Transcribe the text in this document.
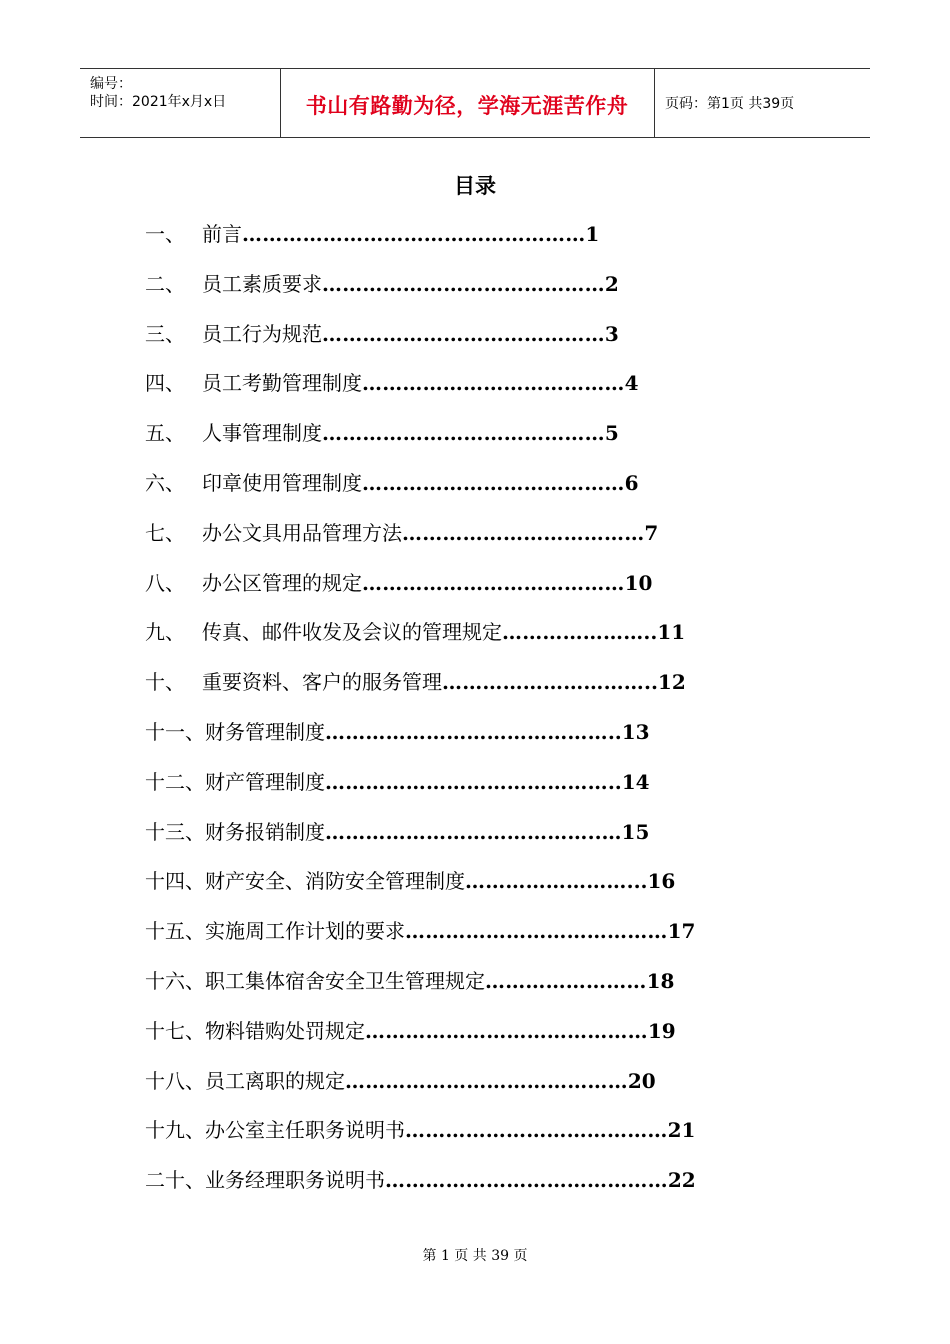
编号：
时间：2021年x月x日	书山有路勤为径，学海无涯苦作舟	页码：第1页 共39页
目录
一、 前言……………………………………………1
二、 员工素质要求……………………………………2
三、 员工行为规范……………………………………3
四、 员工考勤管理制度…………………………………4
五、 人事管理制度……………………………………5
六、 印章使用管理制度…………………………………6
七、 办公文具用品管理方法………………………………7
八、 办公区管理的规定…………………………………10
九、 传真、邮件收发及会议的管理规定…………………..11
十、 重要资料、客户的服务管理…………………………..12
十一、财务管理制度……………………………………..13
十二、财产管理制度……………………………………..14
十三、财务报销制度…………………………………..…15
十四、财产安全、消防安全管理制度……………………...16
十五、实施周工作计划的要求…………………………………17
十六、职工集体宿舍安全卫生管理规定……………………18
十七、物料错购处罚规定……………………………………19
十八、员工离职的规定……………………………………20
十九、办公室主任职务说明书…………………………………21
二十、业务经理职务说明书……………………………………22
第 1 页 共 39 页
